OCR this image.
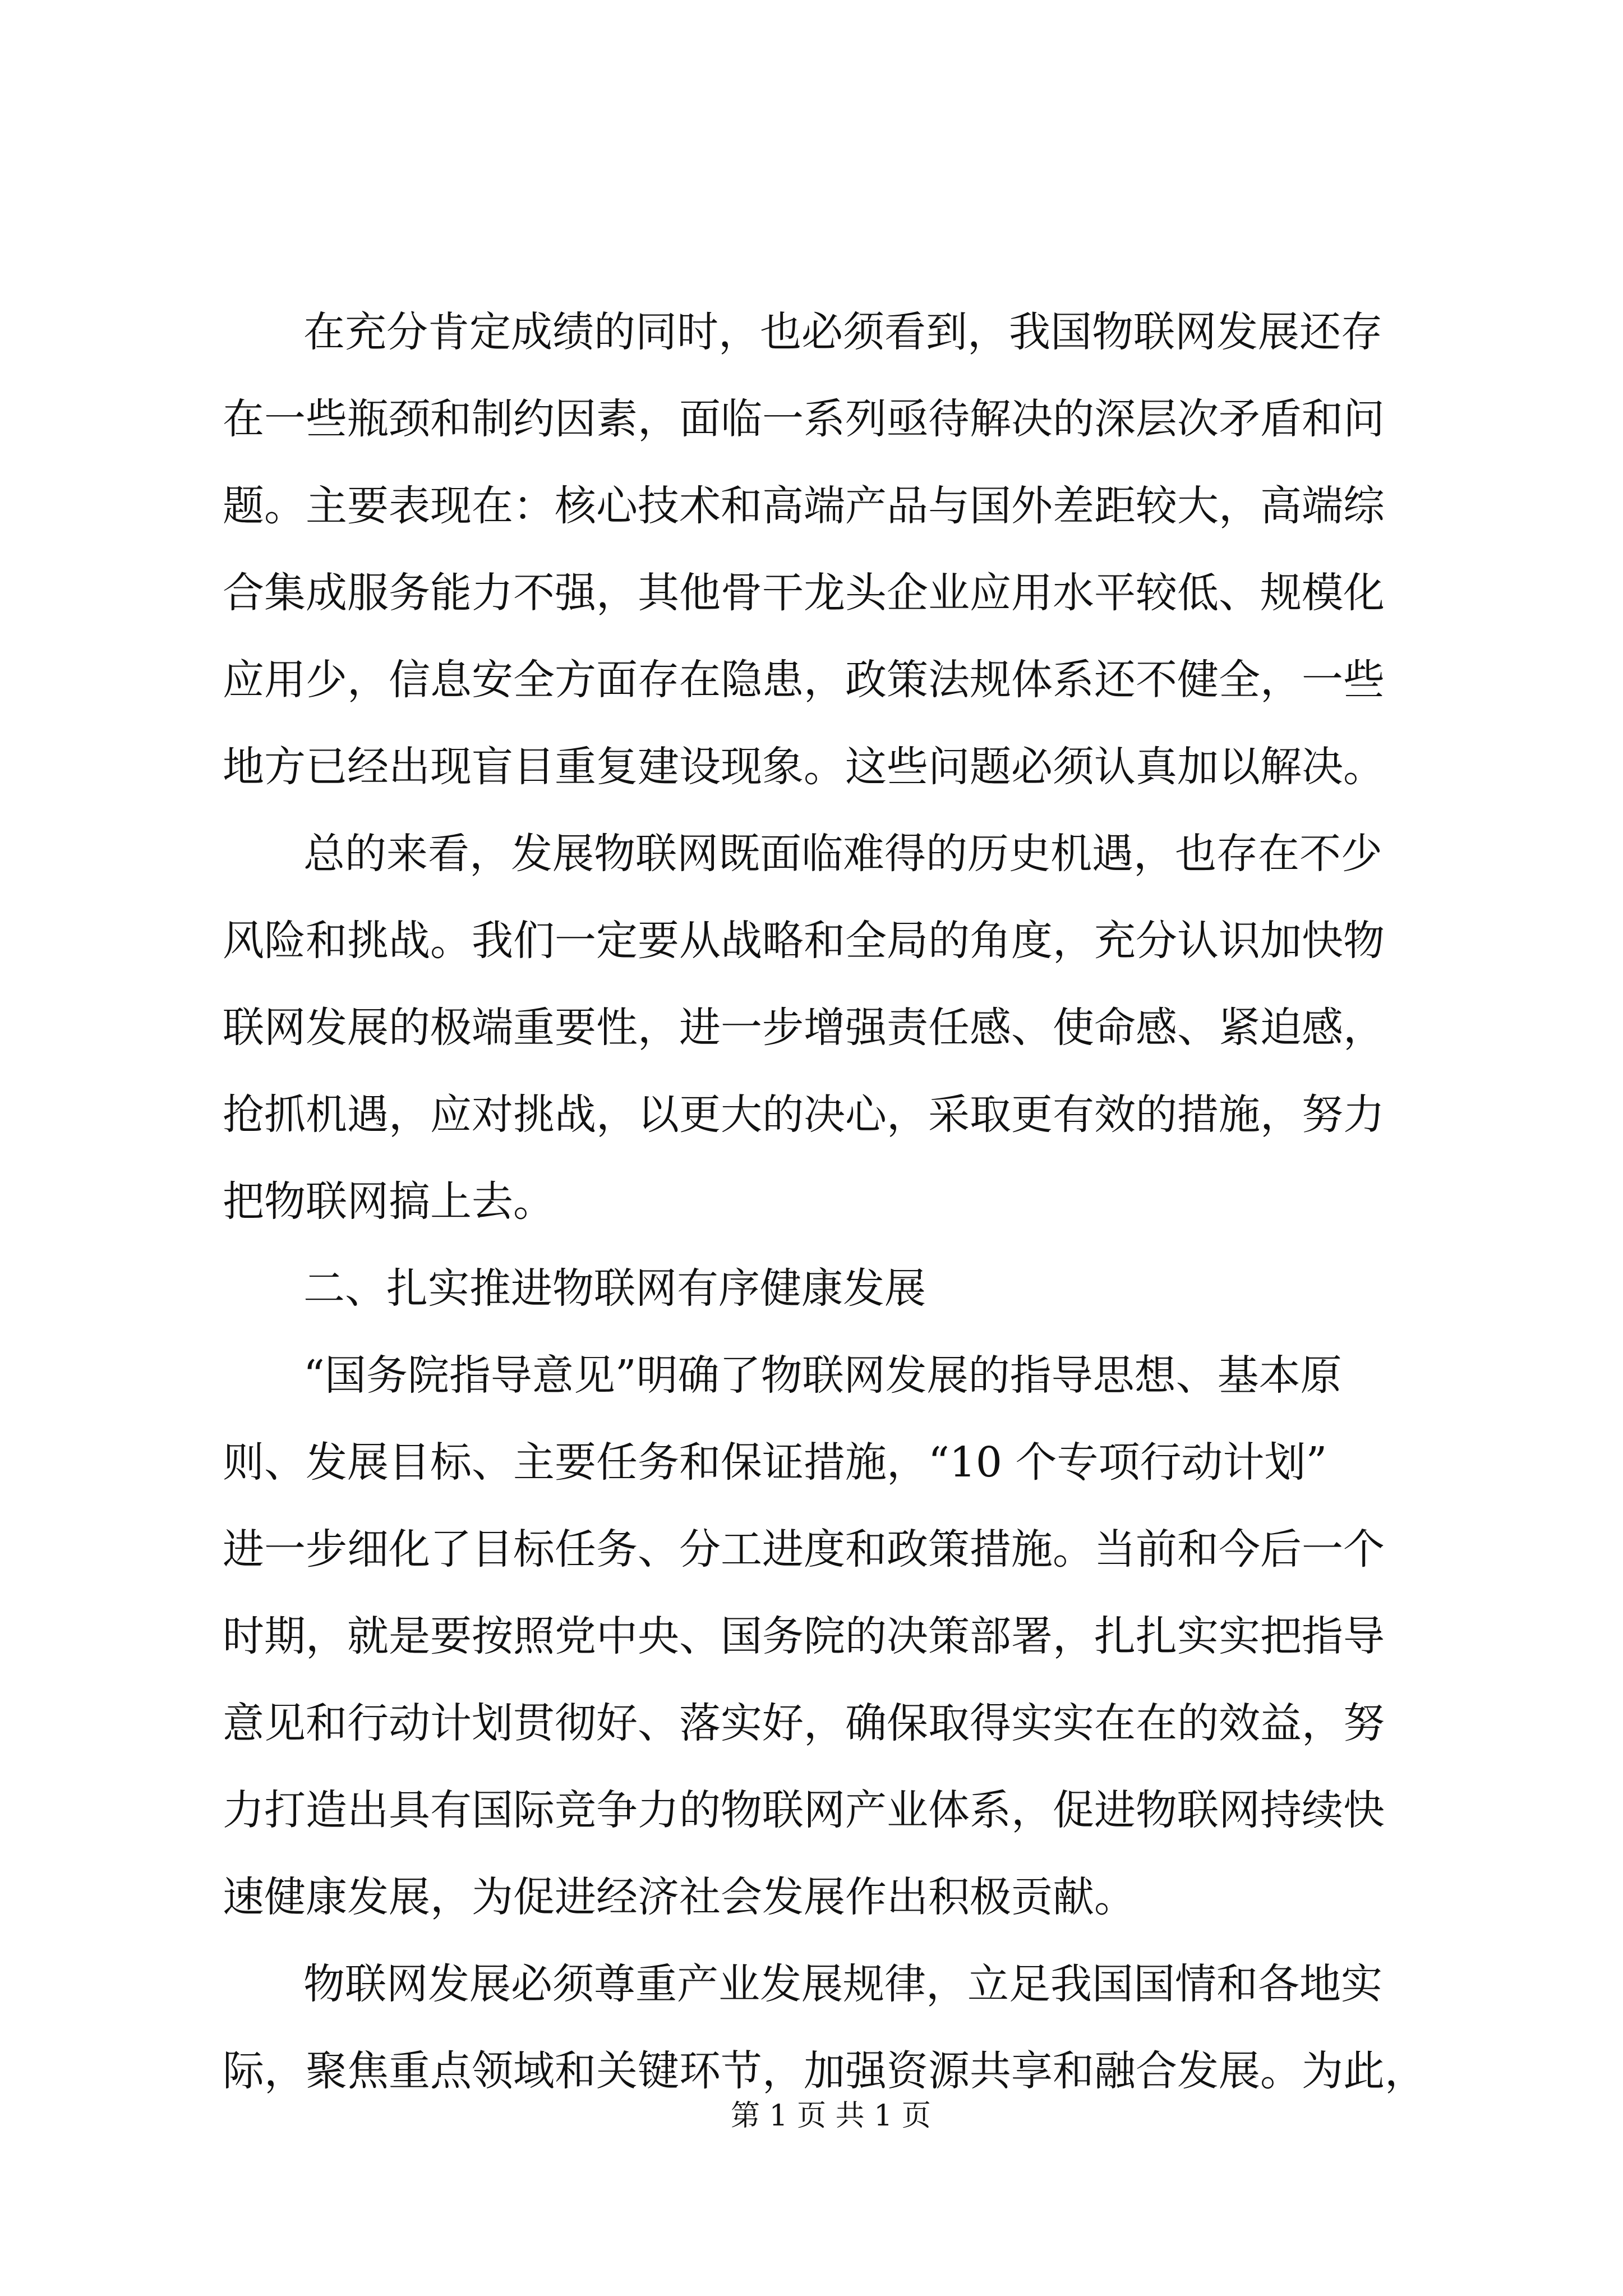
在充分肯定成绩的同时，也必须看到，我国物联网发展还存
在一些瓶颈和制约因素，面临一系列亟待解决的深层次矛盾和问
题。主要表现在：核心技术和高端产品与国外差距较大，高端综
合集成服务能力不强，其他骨干龙头企业应用水平较低、规模化
应用少，信息安全方面存在隐患，政策法规体系还不健全，一些
地方已经出现盲目重复建设现象。这些问题必须认真加以解决。
总的来看，发展物联网既面临难得的历史机遇，也存在不少
风险和挑战。我们一定要从战略和全局的角度，充分认识加快物
联网发展的极端重要性，进一步增强责任感、使命感、紧迫感，
抢抓机遇，应对挑战，以更大的决心，采取更有效的措施，努力
把物联网搞上去。
二、扎实推进物联网有序健康发展
“国务院指导意见”明确了物联网发展的指导思想、基本原
则、发展目标、主要任务和保证措施，“10 个专项行动计划”
进一步细化了目标任务、分工进度和政策措施。当前和今后一个
时期，就是要按照党中央、国务院的决策部署，扎扎实实把指导
意见和行动计划贯彻好、落实好，确保取得实实在在的效益，努
力打造出具有国际竞争力的物联网产业体系，促进物联网持续快
速健康发展，为促进经济社会发展作出积极贡献。
物联网发展必须尊重产业发展规律，立足我国国情和各地实
际，聚焦重点领域和关键环节，加强资源共享和融合发展。为此，
第 1 页 共 1 页
